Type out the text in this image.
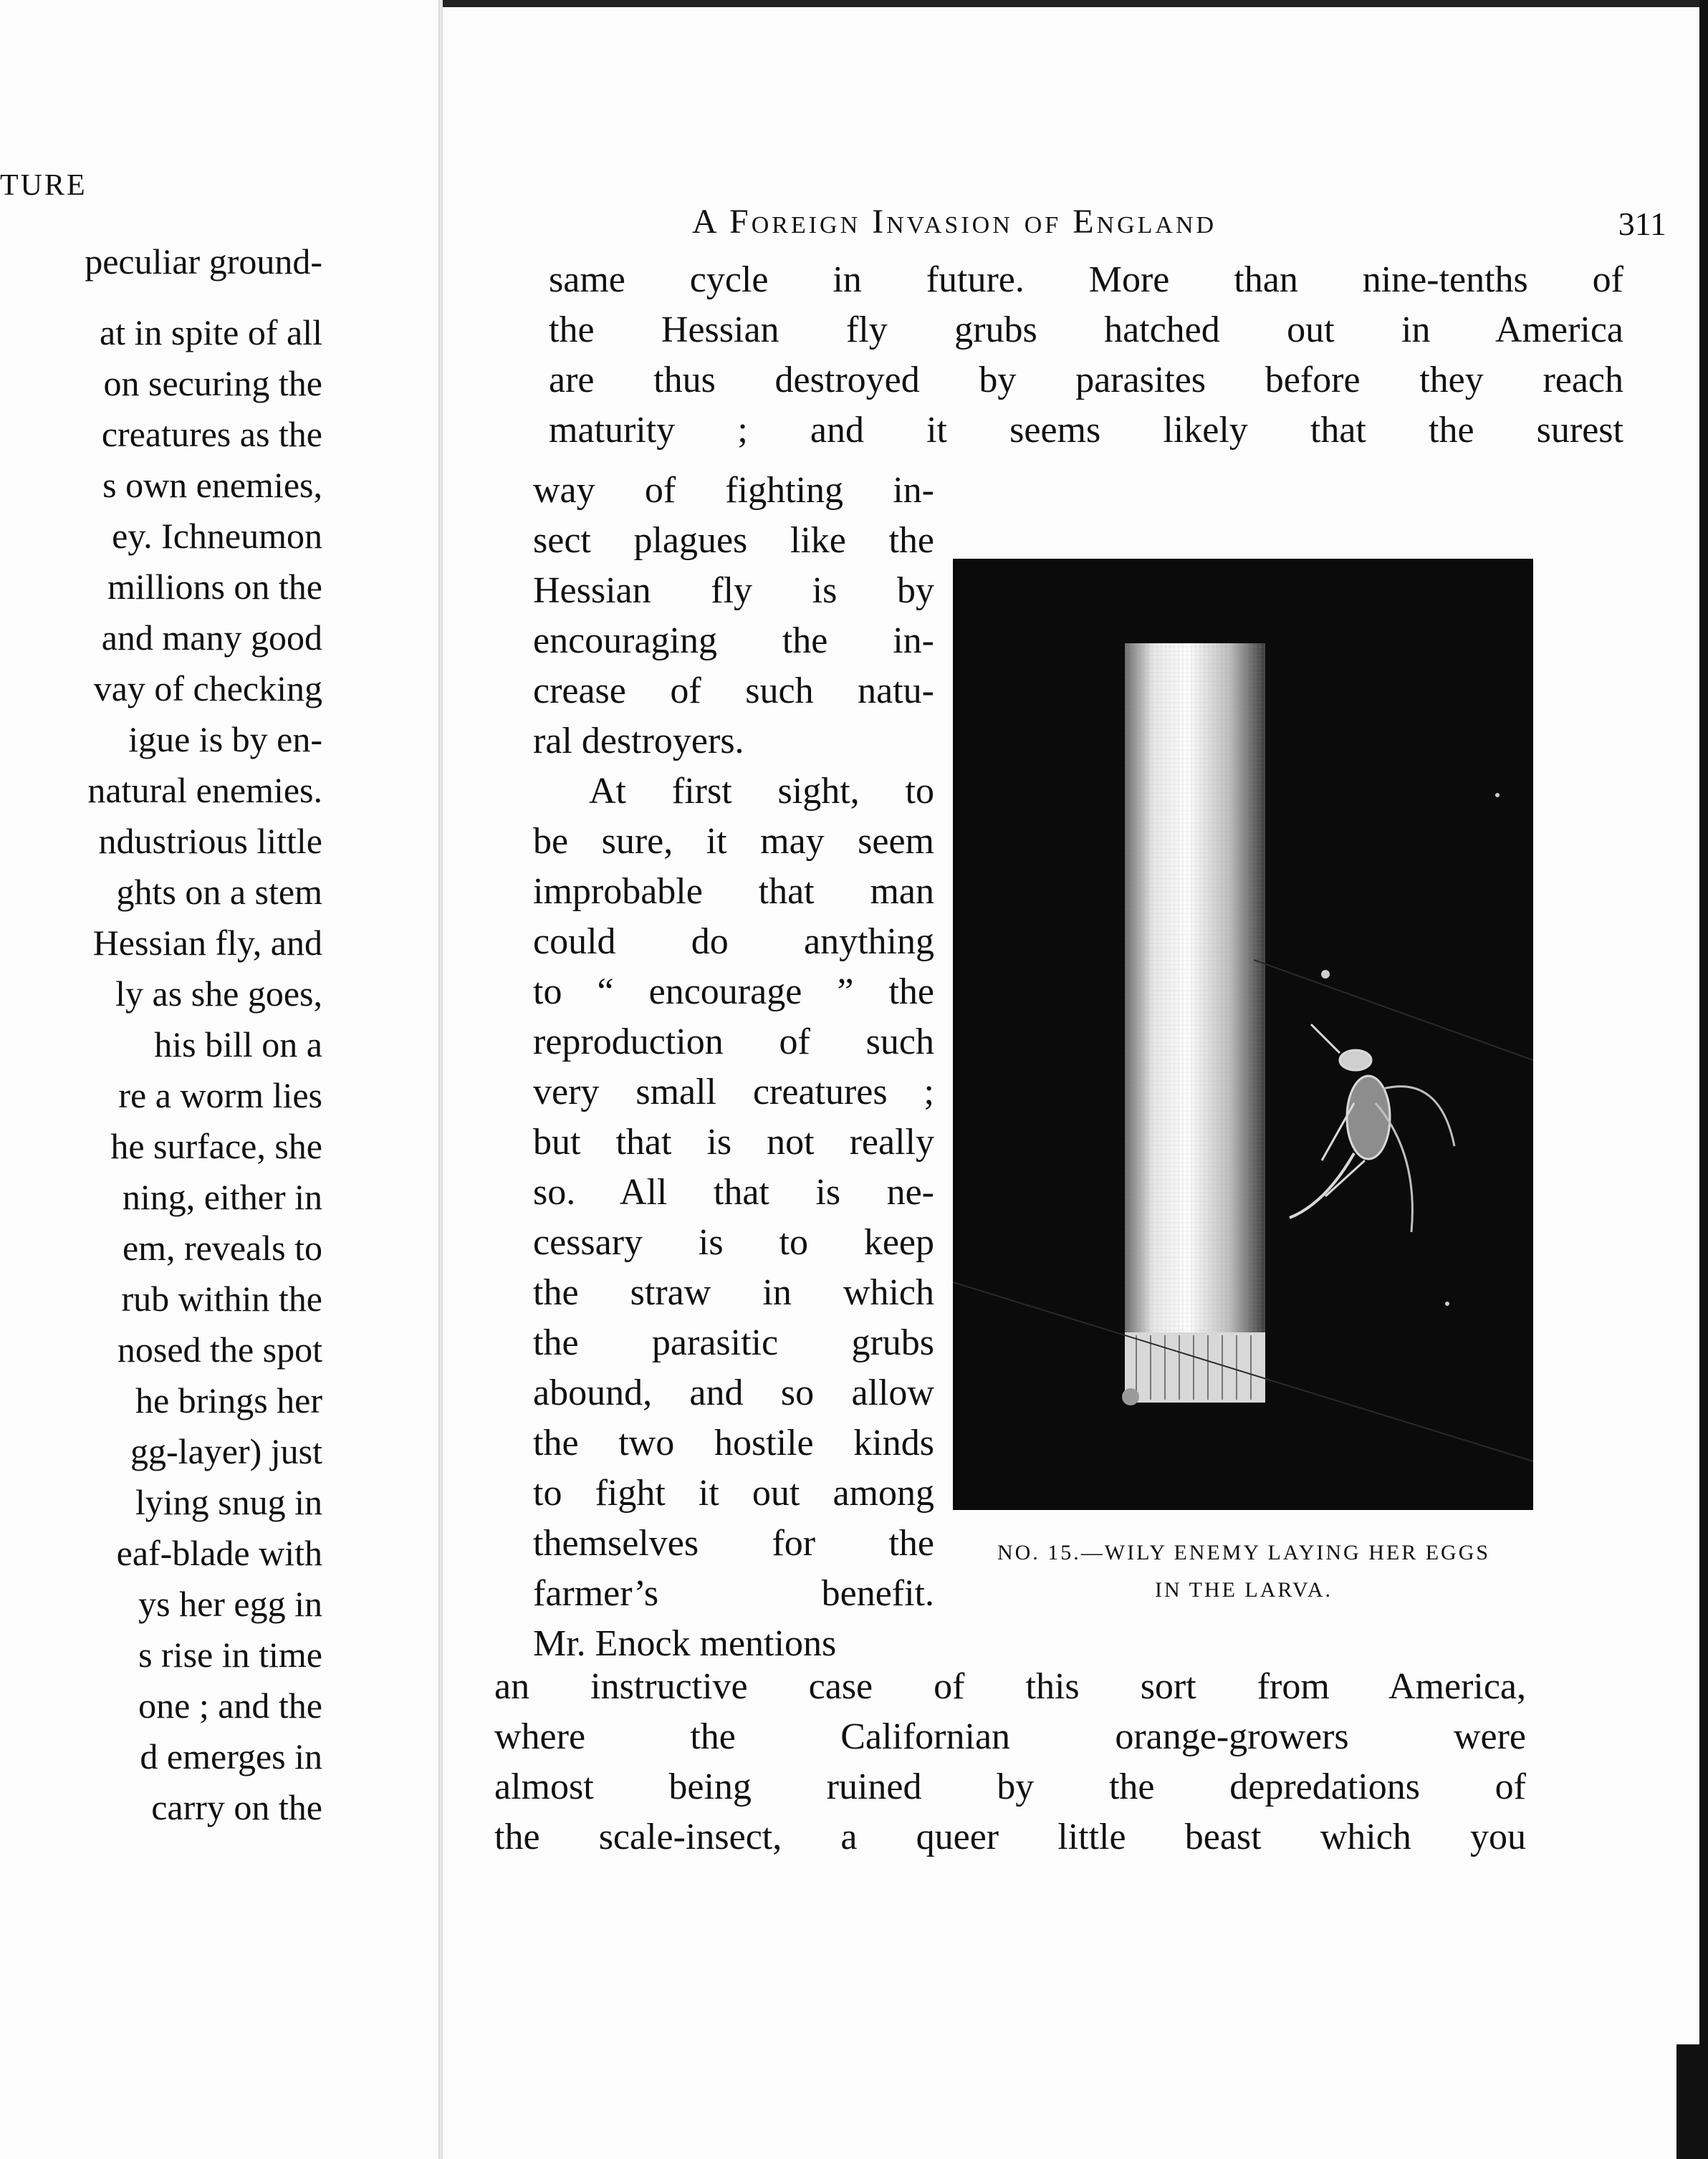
TURE
peculiar ground-
at in spite of all
on securing the
creatures as the
s own enemies,
ey. Ichneumon
millions on the
and many good
vay of checking
igue is by en-
natural enemies.
ndustrious little
ghts on a stem
Hessian fly, and
ly as she goes,
his bill on a
re a worm lies
he surface, she
ning, either in
em, reveals to
rub within the
nosed the spot
he brings her
gg-layer) just
lying snug in
eaf-blade with
ys her egg in
s rise in time
one ; and the
d emerges in
carry on the
A Foreign Invasion of England	311
same cycle in future. More than nine-tenths of
the Hessian fly grubs hatched out in America
are thus destroyed by parasites before they reach
maturity ; and it seems likely that the surest
way of fighting in-
sect plagues like the
Hessian fly is by
encouraging the in-
crease of such natu-
ral destroyers.
At first sight, to
be sure, it may seem
improbable that man
could do anything
to “ encourage ” the
reproduction of such
very small creatures ;
but that is not really
so. All that is ne-
cessary is to keep
the straw in which
the parasitic grubs
abound, and so allow
the two hostile kinds
to fight it out among
themselves for the
farmer’s benefit.
Mr. Enock mentions
an instructive case of this sort from America,
where the Californian orange-growers were
almost being ruined by the depredations of
the scale-insect, a queer little beast which you
NO. 15.—WILY ENEMY LAYING HER EGGS
IN THE LARVA.
